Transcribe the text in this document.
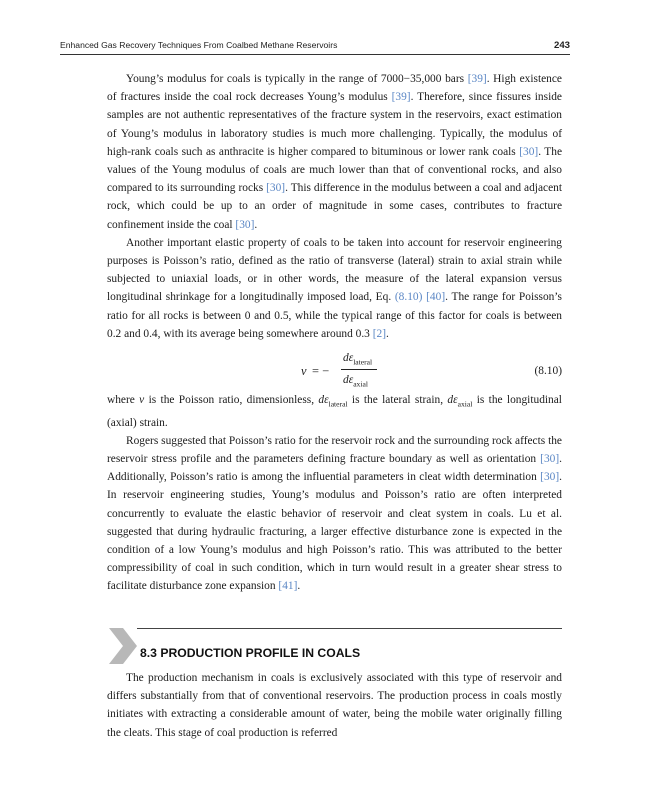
Enhanced Gas Recovery Techniques From Coalbed Methane Reservoirs	243

Young’s modulus for coals is typically in the range of 7000−35,000 bars [39]. High existence of fractures inside the coal rock decreases Young’s modulus [39]. Therefore, since fissures inside samples are not authentic representatives of the fracture system in the reservoirs, exact estimation of Young’s modulus in laboratory studies is much more challenging. Typically, the modulus of high-rank coals such as anthracite is higher compared to bituminous or lower rank coals [30]. The values of the Young modulus of coals are much lower than that of conventional rocks, and also compared to its surrounding rocks [30]. This difference in the modulus between a coal and adjacent rock, which could be up to an order of magnitude in some cases, contributes to fracture confinement inside the coal [30].

Another important elastic property of coals to be taken into account for reservoir engineering purposes is Poisson’s ratio, defined as the ratio of transverse (lateral) strain to axial strain while subjected to uniaxial loads, or in other words, the measure of the lateral expansion versus longitudinal shrinkage for a longitudinally imposed load, Eq. (8.10) [40]. The range for Poisson’s ratio for all rocks is between 0 and 0.5, while the typical range of this factor for coals is between 0.2 and 0.4, with its average being somewhere around 0.3 [2].

ν = −
$d\varepsilon_{lateral}$
$d\varepsilon_{axial}$
(8.10)

where ν is the Poisson ratio, dimensionless, $d\varepsilon_{lateral}$ is the lateral strain, $d\varepsilon_{axial}$ is the longitudinal (axial) strain.

Rogers suggested that Poisson’s ratio for the reservoir rock and the surrounding rock affects the reservoir stress profile and the parameters defining fracture boundary as well as orientation [30]. Additionally, Poisson’s ratio is among the influential parameters in cleat width determination [30]. In reservoir engineering studies, Young’s modulus and Poisson’s ratio are often interpreted concurrently to evaluate the elastic behavior of reservoir and cleat system in coals. Lu et al. suggested that during hydraulic fracturing, a larger effective disturbance zone is expected in the condition of a low Young’s modulus and high Poisson’s ratio. This was attributed to the better compressibility of coal in such condition, which in turn would result in a greater shear stress to facilitate disturbance zone expansion [41].

8.3 PRODUCTION PROFILE IN COALS

The production mechanism in coals is exclusively associated with this type of reservoir and differs substantially from that of conventional reservoirs. The production process in coals mostly initiates with extracting a considerable amount of water, being the mobile water originally filling the cleats. This stage of coal production is referred
